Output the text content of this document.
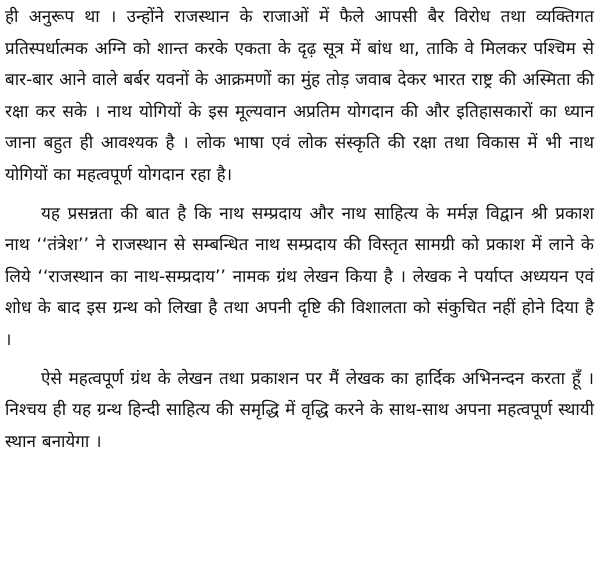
ही अनुरूप था । उन्होंने राजस्थान के राजाओं में फैले आपसी बैर विरोध तथा व्यक्तिगत प्रतिस्पर्धात्मक अग्नि को शान्त करके एकता के दृढ़ सूत्र में बांध था, ताकि वे मिलकर पश्चिम से बार-बार आने वाले बर्बर यवनों के आक्रमणों का मुंह तोड़ जवाब देकर भारत राष्ट्र की अस्मिता की रक्षा कर सके । नाथ योगियों के इस मूल्यवान अप्रतिम योगदान की और इतिहासकारों का ध्यान जाना बहुत ही आवश्यक है । लोक भाषा एवं लोक संस्कृति की रक्षा तथा विकास में भी नाथ योगियों का महत्वपूर्ण योगदान रहा है।

यह प्रसन्नता की बात है कि नाथ सम्प्रदाय और नाथ साहित्य के मर्मज्ञ विद्वान श्री प्रकाश नाथ ‘‘तंत्रेश’’ ने राजस्थान से सम्बन्धित नाथ सम्प्रदाय की विस्तृत सामग्री को प्रकाश में लाने के लिये ‘‘राजस्थान का नाथ-सम्प्रदाय’’ नामक ग्रंथ लेखन किया है । लेखक ने पर्याप्त अध्ययन एवं शोध के बाद इस ग्रन्थ को लिखा है तथा अपनी दृष्टि की विशालता को संकुचित नहीं होने दिया है ।

ऐसे महत्वपूर्ण ग्रंथ के लेखन तथा प्रकाशन पर मैं लेखक का हार्दिक अभिनन्दन करता हूँ । निश्चय ही यह ग्रन्थ हिन्दी साहित्य की समृद्धि में वृद्धि करने के साथ-साथ अपना महत्वपूर्ण स्थायी स्थान बनायेगा ।
